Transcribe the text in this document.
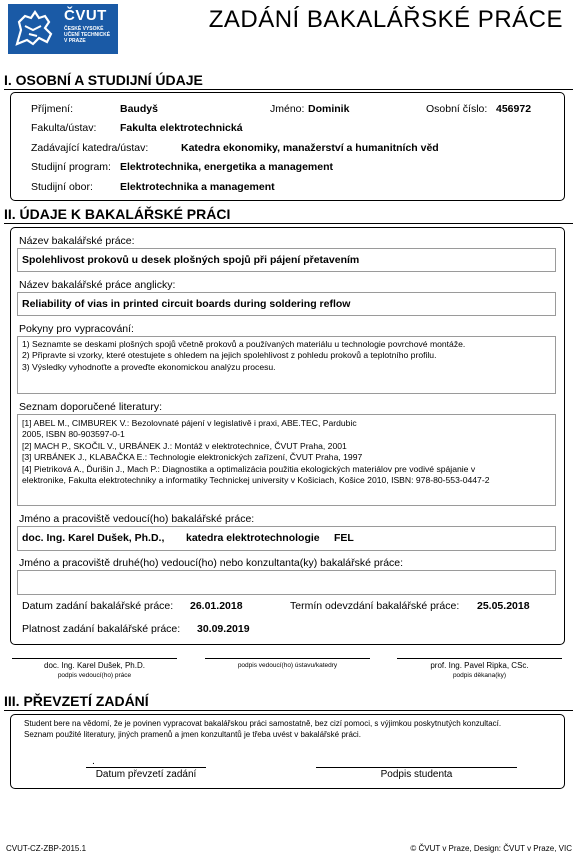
ČVUT
ČESKÉ VYSOKÉ
UČENÍ TECHNICKÉ
V PRAZE
ZADÁNÍ BAKALÁŘSKÉ PRÁCE
I. OSOBNÍ A STUDIJNÍ ÚDAJE
Příjmení:	Baudyš	Jméno: Dominik	Osobní číslo: 456972
Fakulta/ústav: Fakulta elektrotechnická
Zadávající katedra/ústav:	Katedra ekonomiky, manažerství a humanitních věd
Studijní program: Elektrotechnika, energetika a management
Studijní obor:	Elektrotechnika a management
II. ÚDAJE K BAKALÁŘSKÉ PRÁCI
Název bakalářské práce:
Spolehlivost prokovů u desek plošných spojů při pájení přetavením
Název bakalářské práce anglicky:
Reliability of vias in printed circuit boards during soldering reflow
Pokyny pro vypracování:
1) Seznamte se deskami plošných spojů včetně prokovů a používaných materiálu u technologie povrchové montáže.
2) Připravte si vzorky, které otestujete s ohledem na jejich spolehlivost z pohledu prokovů a teplotního profilu.
3) Výsledky vyhodnoťte a proveďte ekonomickou analýzu procesu.
Seznam doporučené literatury:
[1] ABEL M., CIMBUREK V.: Bezolovnaté pájení v legislativě i praxi, ABE.TEC, Pardubic
2005, ISBN 80-903597-0-1
[2] MACH P., SKOČIL V., URBÁNEK J.: Montáž v elektrotechnice, ČVUT Praha, 2001
[3] URBÁNEK J., KLABAČKA E.: Technologie elektronických zařízení, ČVUT Praha, 1997
[4] Pietriková A., Ďurišin J., Mach P.: Diagnostika a optimalizácia použitia ekologických materiálov pre vodivé spájanie v
elektronike, Fakulta elektrotechniky a informatiky Technickej university v Košiciach, Košice 2010, ISBN: 978-80-553-0447-2
Jméno a pracoviště vedoucí(ho) bakalářské práce:
doc. Ing. Karel Dušek, Ph.D., katedra elektrotechnologie FEL
Jméno a pracoviště druhé(ho) vedoucí(ho) nebo konzultanta(ky) bakalářské práce:
Datum zadání bakalářské práce: 26.01.2018	Termín odevzdání bakalářské práce: 25.05.2018
Platnost zadání bakalářské práce: 30.09.2019
doc. Ing. Karel Dušek, Ph.D.
podpis vedoucí(ho) práce
podpis vedoucí(ho) ústavu/katedry	prof. Ing. Pavel Ripka, CSc.
podpis děkana(ky)
III. PŘEVZETÍ ZADÁNÍ
Student bere na vědomí, že je povinen vypracovat bakalářskou práci samostatně, bez cizí pomoci, s výjimkou poskytnutých konzultací.
Seznam použité literatury, jiných pramenů a jmen konzultantů je třeba uvést v bakalářské práci.
.
Datum převzetí zadání	Podpis studenta
CVUT-CZ-ZBP-2015.1	© ČVUT v Praze, Design: ČVUT v Praze, VIC
